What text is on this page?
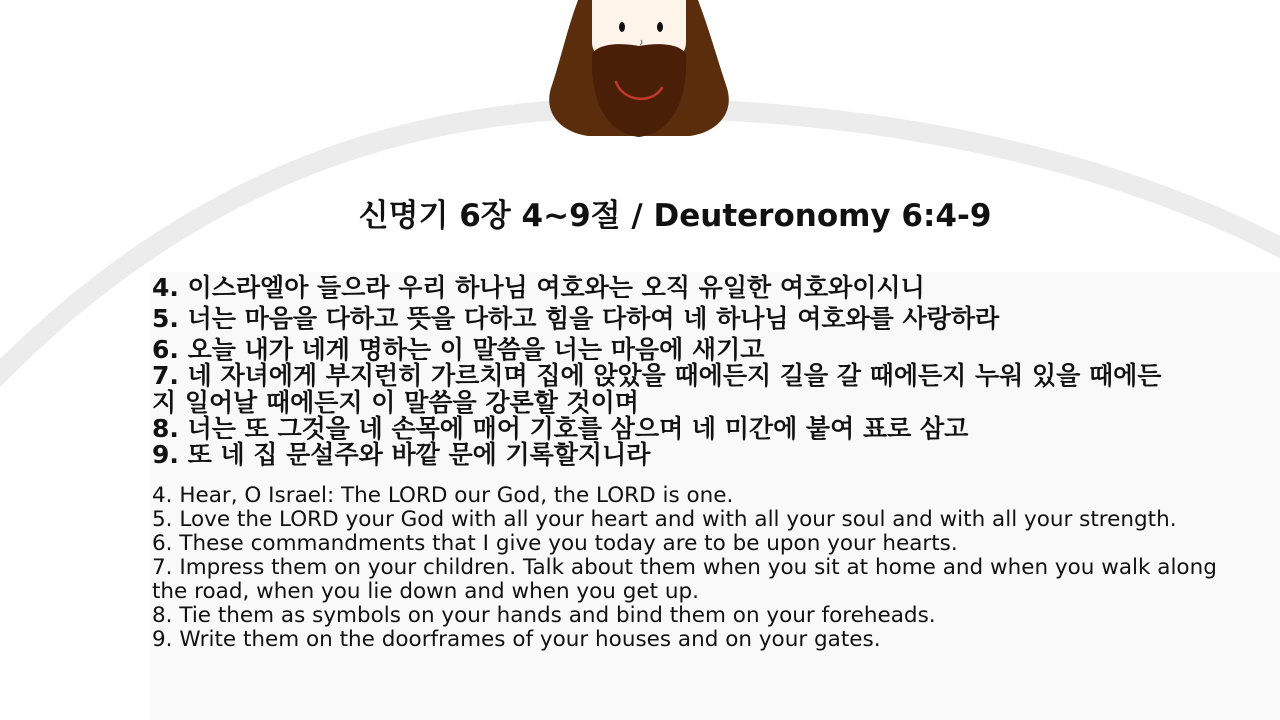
신명기 6장 4~9절 / Deuteronomy 6:4-9
4. 이스라엘아 들으라 우리 하나님 여호와는 오직 유일한 여호와이시니
5. 너는 마음을 다하고 뜻을 다하고 힘을 다하여 네 하나님 여호와를 사랑하라
6. 오늘 내가 네게 명하는 이 말씀을 너는 마음에 새기고
7. 네 자녀에게 부지런히 가르치며 집에 앉았을 때에든지 길을 갈 때에든지 누워 있을 때에든
지 일어날 때에든지 이 말씀을 강론할 것이며
8. 너는 또 그것을 네 손목에 매어 기호를 삼으며 네 미간에 붙여 표로 삼고
9. 또 네 집 문설주와 바깥 문에 기록할지니라
4. Hear, O Israel: The LORD our God, the LORD is one.
5. Love the LORD your God with all your heart and with all your soul and with all your strength.
6. These commandments that I give you today are to be upon your hearts.
7. Impress them on your children. Talk about them when you sit at home and when you walk along
the road, when you lie down and when you get up.
8. Tie them as symbols on your hands and bind them on your foreheads.
9. Write them on the doorframes of your houses and on your gates.
